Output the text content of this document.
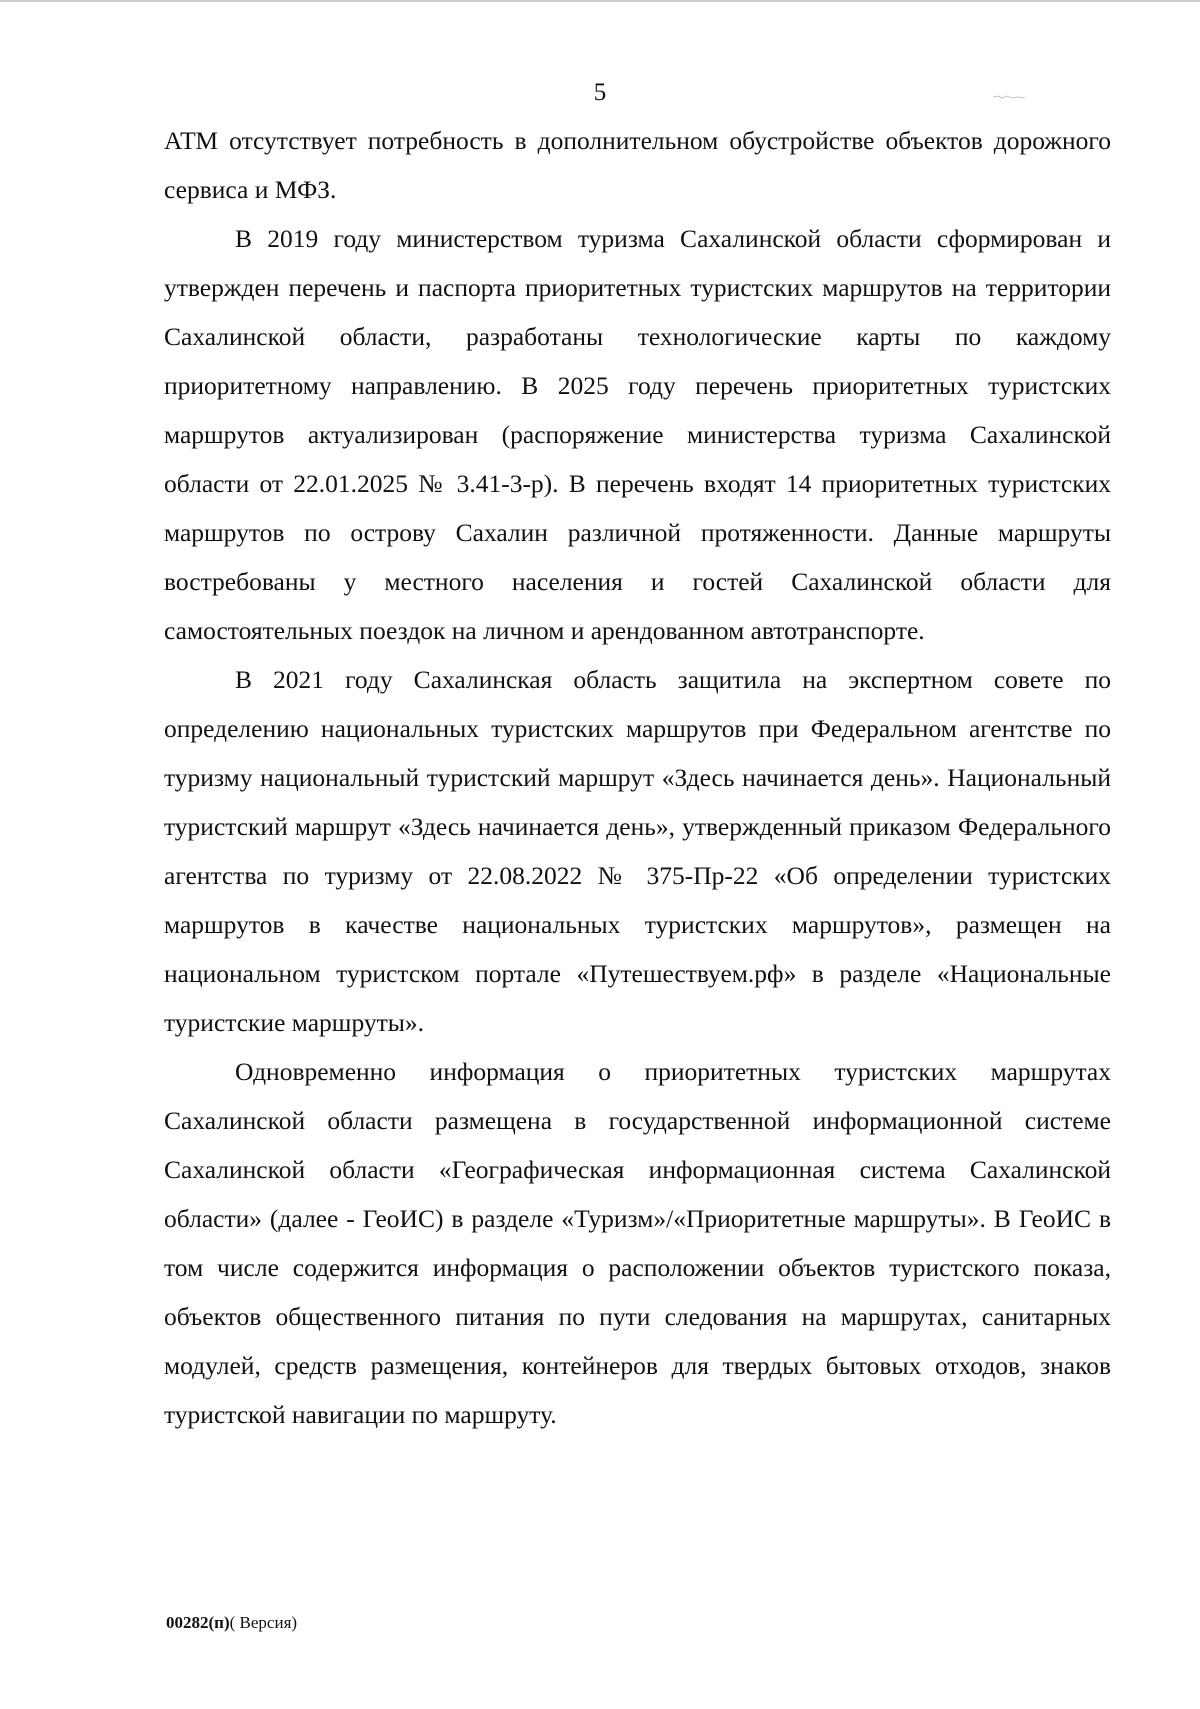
5

АТМ отсутствует потребность в дополнительном обустройстве объектов дорожного сервиса и МФЗ.

В 2019 году министерством туризма Сахалинской области сформирован и утвержден перечень и паспорта приоритетных туристских маршрутов на территории Сахалинской области, разработаны технологические карты по каждому приоритетному направлению. В 2025 году перечень приоритетных туристских маршрутов актуализирован (распоряжение министерства туризма Сахалинской области от 22.01.2025 № 3.41-3-р). В перечень входят 14 приоритетных туристских маршрутов по острову Сахалин различной протяженности. Данные маршруты востребованы у местного населения и гостей Сахалинской области для самостоятельных поездок на личном и арендованном автотранспорте.

В 2021 году Сахалинская область защитила на экспертном совете по определению национальных туристских маршрутов при Федеральном агентстве по туризму национальный туристский маршрут «Здесь начинается день». Национальный туристский маршрут «Здесь начинается день», утвержденный приказом Федерального агентства по туризму от 22.08.2022 № 375-Пр-22 «Об определении туристских маршрутов в качестве национальных туристских маршрутов», размещен на национальном туристском портале «Путешествуем.рф» в разделе «Национальные туристские маршруты».

Одновременно информация о приоритетных туристских маршрутах Сахалинской области размещена в государственной информационной системе Сахалинской области «Географическая информационная система Сахалинской области» (далее - ГеоИС) в разделе «Туризм»/«Приоритетные маршруты». В ГеоИС в том числе содержится информация о расположении объектов туристского показа, объектов общественного питания по пути следования на маршрутах, санитарных модулей, средств размещения, контейнеров для твердых бытовых отходов, знаков туристской навигации по маршруту.

00282(п)( Версия)
